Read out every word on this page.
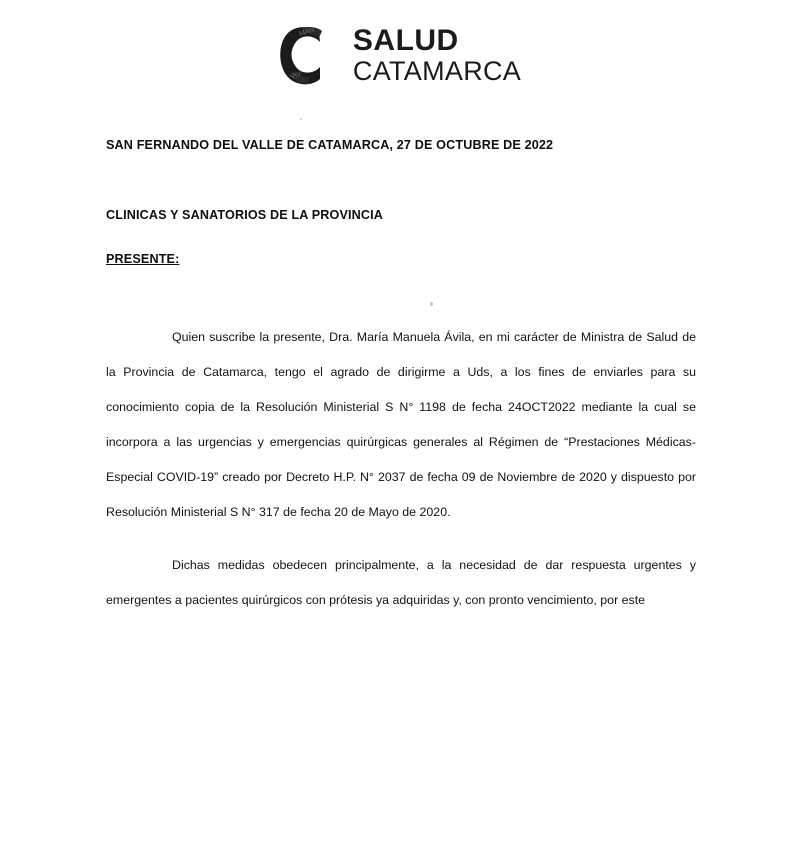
MAN
VIV
SALUD
CATAMARCA

SAN FERNANDO DEL VALLE DE CATAMARCA, 27 DE OCTUBRE DE 2022

CLINICAS Y SANATORIOS DE LA PROVINCIA

PRESENTE:

Quien suscribe la presente, Dra. María Manuela Ávila, en mi carácter de Ministra de Salud de la Provincia de Catamarca, tengo el agrado de dirigirme a Uds, a los fines de enviarles para su conocimiento copia de la Resolución Ministerial S N° 1198 de fecha 24OCT2022 mediante la cual se incorpora a las urgencias y emergencias quirúrgicas generales al Régimen de “Prestaciones Médicas- Especial COVID-19” creado por Decreto H.P. N° 2037 de fecha 09 de Noviembre de 2020 y dispuesto por Resolución Ministerial S N° 317 de fecha 20 de Mayo de 2020.

Dichas medidas obedecen principalmente, a la necesidad de dar respuesta urgentes y emergentes a pacientes quirúrgicos con prótesis ya adquiridas y, con pronto vencimiento, por este
